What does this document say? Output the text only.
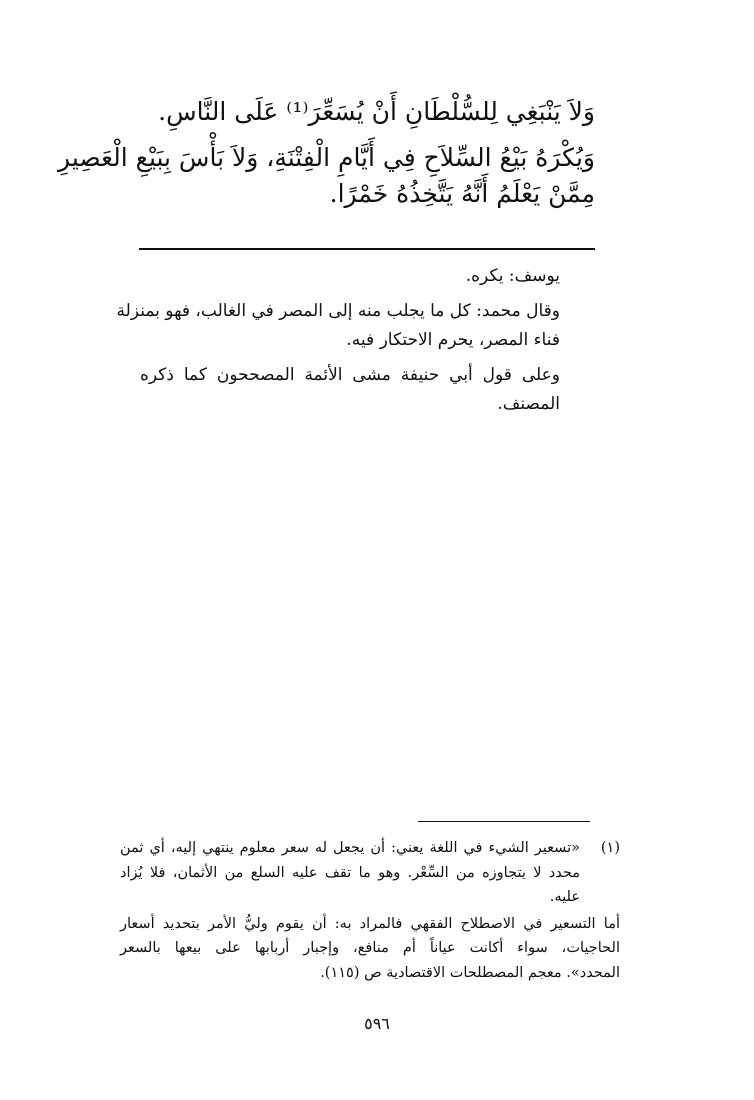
وَلاَ يَنْبَغِي لِلسُّلْطَانِ أَنْ يُسَعِّرَ⁽¹⁾ عَلَى النَّاسِ.
وَيُكْرَهُ بَيْعُ السِّلاَحِ فِي أَيَّامِ الْفِتْنَةِ، وَلاَ بَأْسَ بِبَيْعِ الْعَصِيرِ
مِمَّنْ يَعْلَمُ أَنَّهُ يَتَّخِذُهُ خَمْرًا.
يوسف: يكره.
وقال محمد: كل ما يجلب منه إلى المصر في الغالب، فهو بمنزلة
فناء المصر، يحرم الاحتكار فيه.
وعلى قول أبي حنيفة مشى الأئمة المصححون كما ذكره
المصنف.
(١)
«تسعير الشيء في اللغة يعني: أن يجعل له سعر معلوم ينتهي إليه، أي ثمن
محدد لا يتجاوزه من السِّعْر. وهو ما تقف عليه السلع من الأثمان، فلا يُزاد
عليه.
أما التسعير في الاصطلاح الفقهي فالمراد به: أن يقوم وليُّ الأمر بتحديد أسعار
الحاجيات، سواء أكانت عياناً أم منافع، وإجبار أربابها على بيعها بالسعر
المحدد». معجم المصطلحات الاقتصادية ص (١١٥).
٥٩٦
